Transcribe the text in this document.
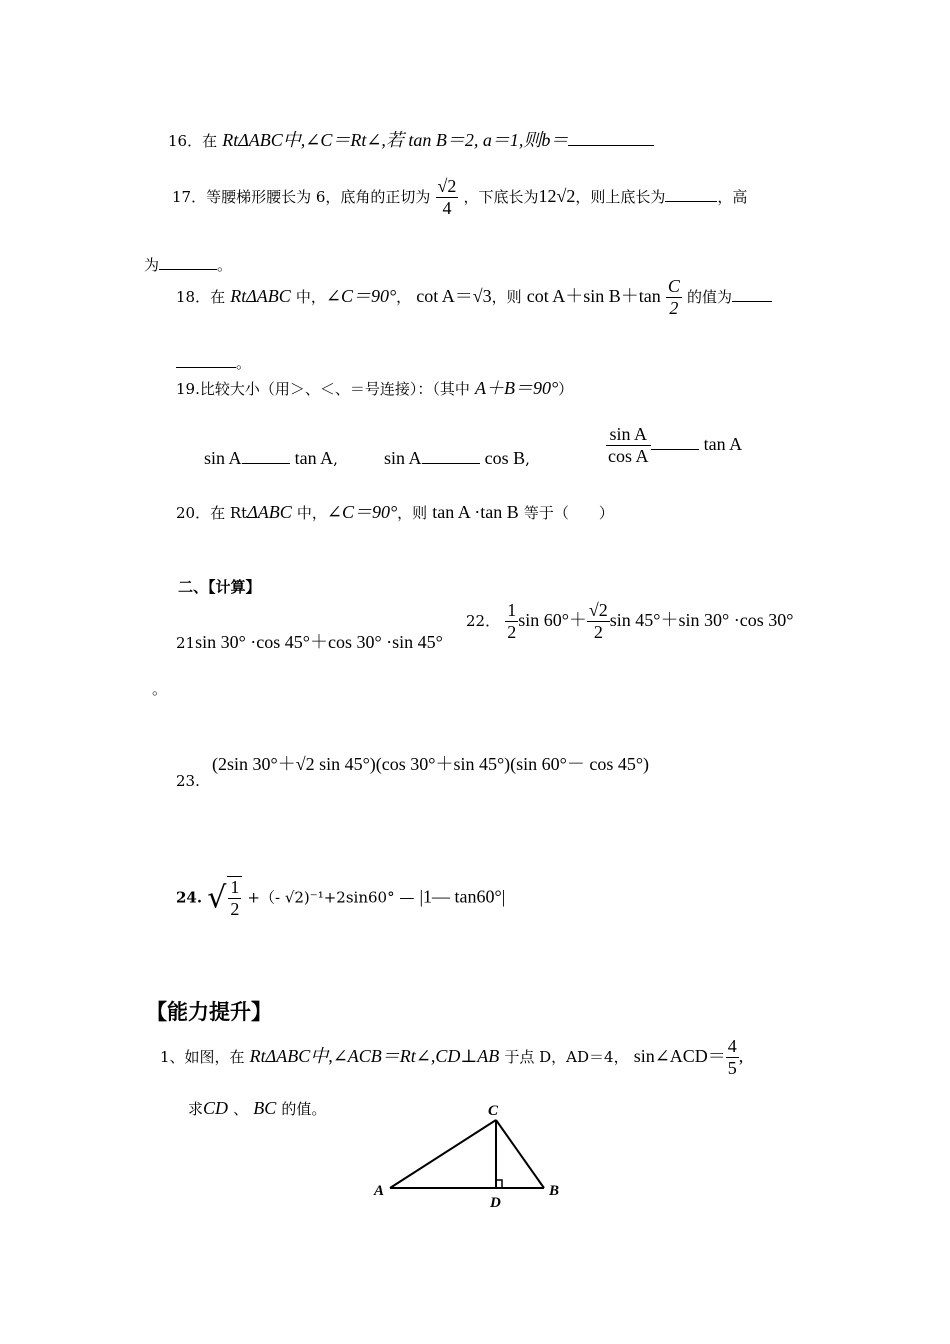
16．在 RtΔABC中,∠C＝Rt∠,若 tan B＝2, a＝1,则b＝
17．等腰梯形腰长为 6，底角的正切为 $\frac{√2}{4}$ ，下底长为12√2，则上底长为	，高
为	。
18．在 RtΔABC 中，∠C＝90°， cot A＝√3，则 cot A＋sin $B+\tan \frac{C}{2}$ 的值为
。
19.比较大小（用＞、＜、＝号连接）：（其中 A＋B＝90°）
sin A	tan A,	sin A	cos B,	$\frac{\text{sin A}}{\text{cos A}}$	tan A
20．在 RtΔABC 中，∠C＝90°，则 tan A ·tan B 等于（　　）
二、【计算】
21sin 30° ·cos 45°＋cos 30° ·sin 45°
。
22． $\frac{1}{2}$ $\sin 60^\circ+ \frac{√2}{2}$ sin 45°＋sin 30° ·cos 30°
(2sin 30°＋√2 sin 45°)(cos 30°＋sin 45°)(sin 60°－ cos 45°)
23.
24. √ $\frac{1}{2}$ +（- √2)⁻¹+2sin60° — |1— tan60°|
【能力提升】
1、如图，在 RtΔABC中,∠ACB＝Rt∠,CD⊥AB 于点 D，AD＝4， sin∠ACD＝ $\frac{4}{5}$ ,
求CD 、 BC 的值。
A	B
C
D
